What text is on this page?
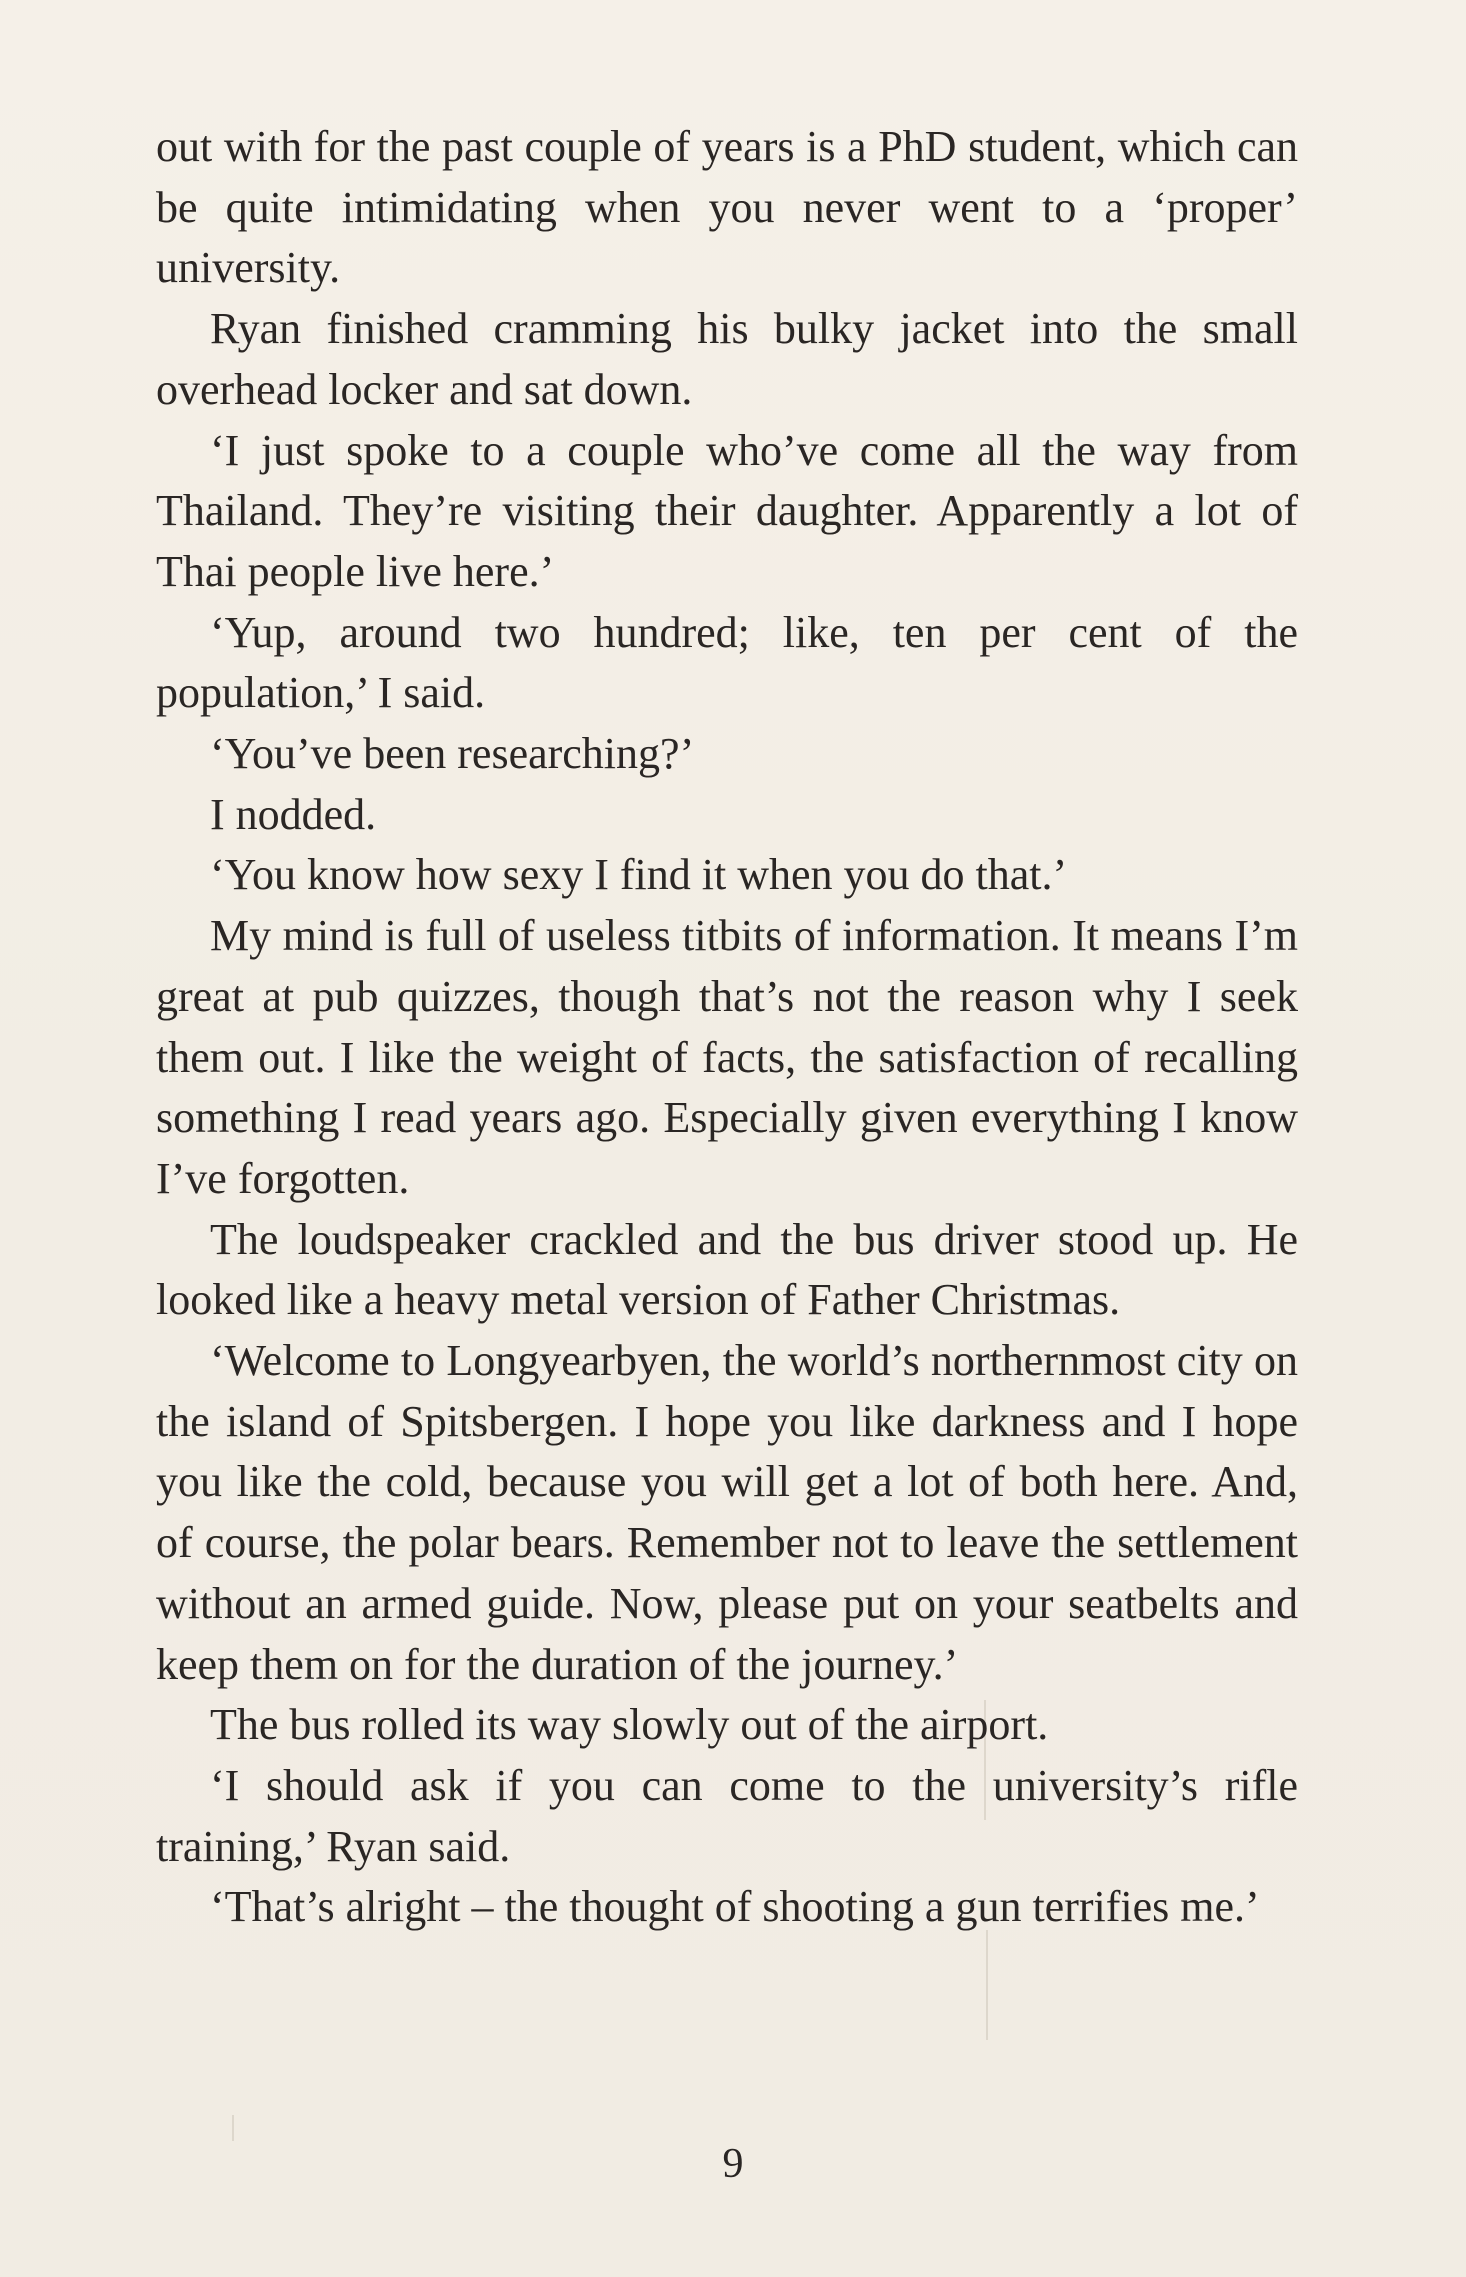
out with for the past couple of years is a PhD student, which can be quite intimidating when you never went to a ‘proper’ university.

Ryan finished cramming his bulky jacket into the small overhead locker and sat down.

‘I just spoke to a couple who’ve come all the way from Thailand. They’re visiting their daughter. Apparently a lot of Thai people live here.’

‘Yup, around two hundred; like, ten per cent of the population,’ I said.

‘You’ve been researching?’

I nodded.

‘You know how sexy I find it when you do that.’

My mind is full of useless titbits of information. It means I’m great at pub quizzes, though that’s not the reason why I seek them out. I like the weight of facts, the satisfaction of recalling something I read years ago. Especially given everything I know I’ve forgotten.

The loudspeaker crackled and the bus driver stood up. He looked like a heavy metal version of Father Christmas.

‘Welcome to Longyearbyen, the world’s northernmost city on the island of Spitsbergen. I hope you like darkness and I hope you like the cold, because you will get a lot of both here. And, of course, the polar bears. Remember not to leave the settlement without an armed guide. Now, please put on your seatbelts and keep them on for the duration of the journey.’

The bus rolled its way slowly out of the airport.

‘I should ask if you can come to the university’s rifle training,’ Ryan said.

‘That’s alright – the thought of shooting a gun terrifies me.’

9
